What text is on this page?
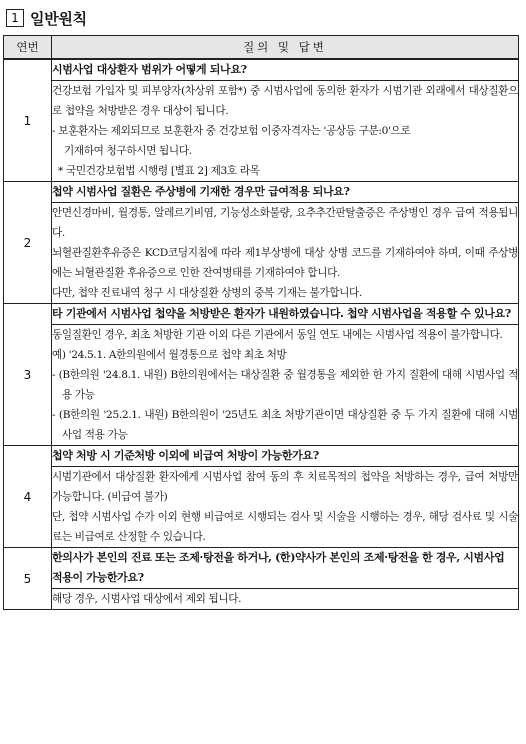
1 일반원칙
연번	질의 및 답변
1	시범사업 대상환자 범위가 어떻게 되나요?

	건강보험 가입자 및 피부양자(차상위 포함*) 중 시범사업에 동의한 환자가 시범기관 외래에서 대상질환으로 첩약을 처방받은 경우 대상이 됩니다.

- 보훈환자는 제외되므로 보훈환자 중 건강보험 이중자격자는 '공상등 구분:0'으로

기재하여 청구하시면 됩니다.

* 국민건강보험법 시행령 [별표 2] 제3호 라목

2	첩약 시범사업 질환은 주상병에 기재한 경우만 급여적용 되나요?

	안면신경마비, 월경통, 알레르기비염, 기능성소화불량, 요추추간판탈출증은 주상병인 경우 급여 적용됩니다.

뇌혈관질환후유증은 KCD코딩지침에 따라 제1부상병에 대상 상병 코드를 기재하여야 하며, 이때 주상병에는 뇌혈관질환 후유증으로 인한 잔여병태를 기재하여야 합니다.

다만, 첩약 진료내역 청구 시 대상질환 상병의 중복 기재는 불가합니다.

3	타 기관에서 시범사업 첩약을 처방받은 환자가 내원하였습니다. 첩약 시범사업을 적용할 수 있나요?

	동일질환인 경우, 최초 처방한 기관 이외 다른 기관에서 동일 연도 내에는 시범사업 적용이 불가합니다.

예) '24.5.1. A한의원에서 월경통으로 첩약 최초 처방

- (B한의원 '24.8.1. 내원) B한의원에서는 대상질환 중 월경통을 제외한 한 가지 질환에 대해 시범사업 적용 가능

- (B한의원 '25.2.1. 내원) B한의원이 '25년도 최초 처방기관이면 대상질환 중 두 가지 질환에 대해 시범사업 적용 가능

4	첩약 처방 시 기준처방 이외에 비급여 처방이 가능한가요?

	시범기관에서 대상질환 환자에게 시범사업 참여 동의 후 치료목적의 첩약을 처방하는 경우, 급여 처방만 가능합니다. (비급여 불가)

단, 첩약 시범사업 수가 이외 현행 비급여로 시행되는 검사 및 시술을 시행하는 경우, 해당 검사료 및 시술료는 비급여로 산정할 수 있습니다.

5	한의사가 본인의 진료 또는 조제·탕전을 하거나, (한)약사가 본인의 조제·탕전을 한 경우, 시범사업 적용이 가능한가요?

	해당 경우, 시범사업 대상에서 제외 됩니다.
